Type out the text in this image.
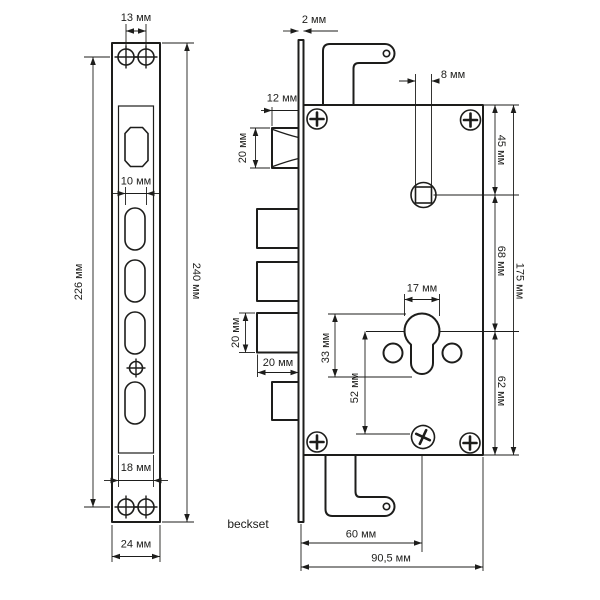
13 мм
226 мм	240 мм
10 мм
18 мм
24 мм
2 мм
12 мм
20 мм
20 мм
20 мм
8 мм
45 мм
68 мм
62 мм
175 мм
17 мм
33 мм
52 мм
60 мм
90,5 мм
beckset
